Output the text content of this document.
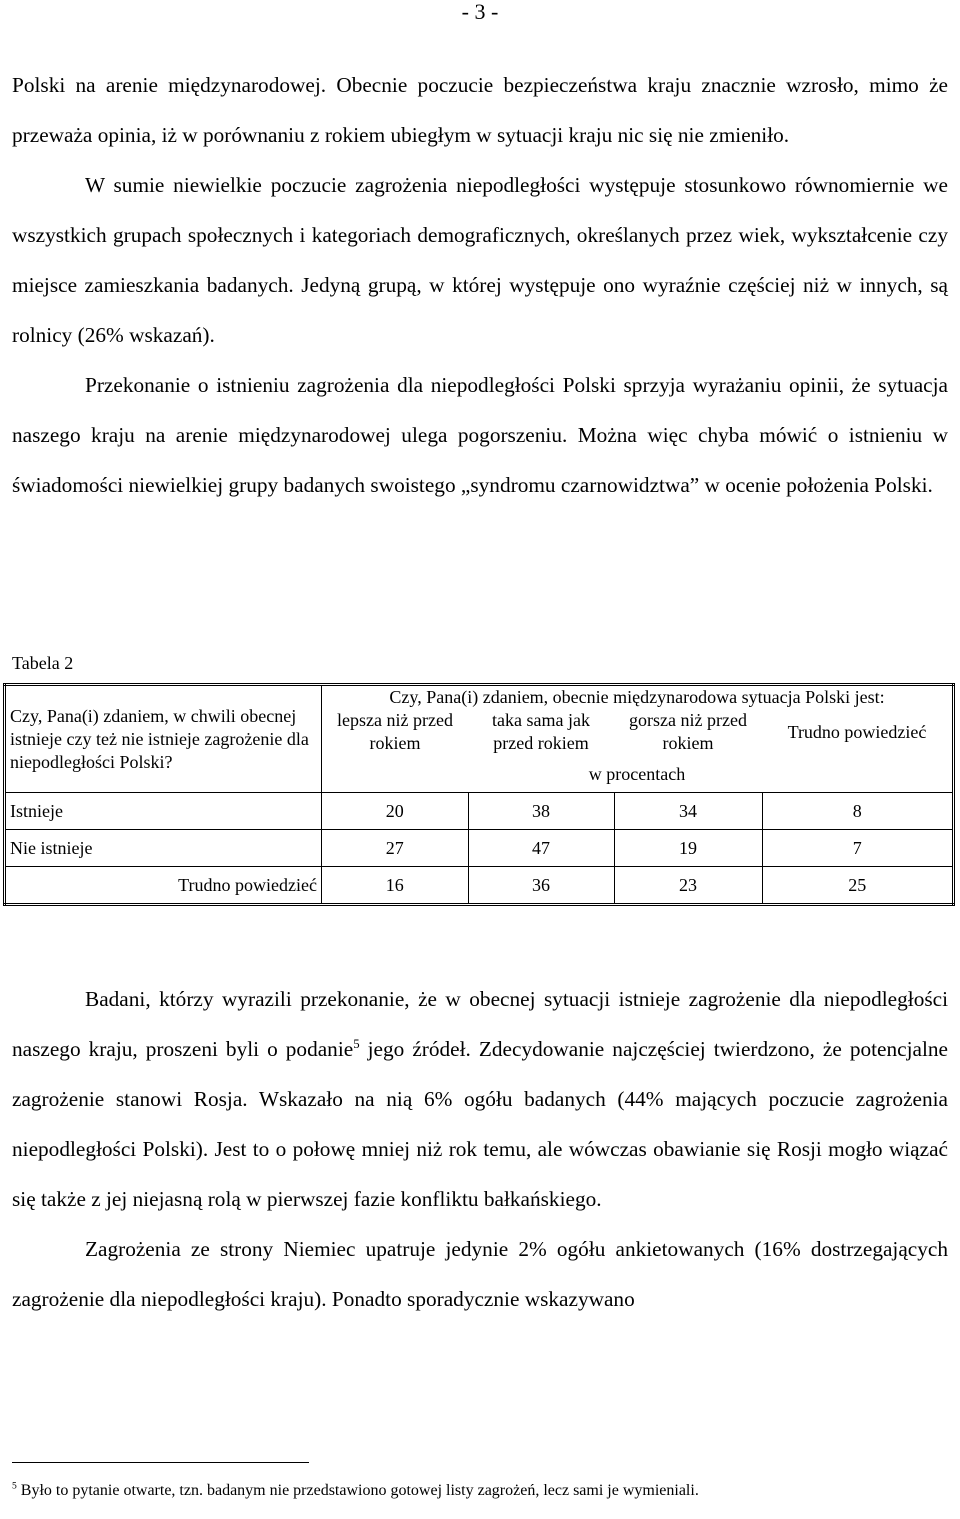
- 3 -

Polski na arenie międzynarodowej. Obecnie poczucie bezpieczeństwa kraju znacznie wzrosło, mimo że przeważa opinia, iż w porównaniu z rokiem ubiegłym w sytuacji kraju nic się nie zmieniło.

W sumie niewielkie poczucie zagrożenia niepodległości występuje stosunkowo równomiernie we wszystkich grupach społecznych i kategoriach demograficznych, określanych przez wiek, wykształcenie czy miejsce zamieszkania badanych. Jedyną grupą, w której występuje ono wyraźnie częściej niż w innych, są rolnicy (26% wskazań).

Przekonanie o istnieniu zagrożenia dla niepodległości Polski sprzyja wyrażaniu opinii, że sytuacja naszego kraju na arenie międzynarodowej ulega pogorszeniu. Można więc chyba mówić o istnieniu w świadomości niewielkiej grupy badanych swoistego „syndromu czarnowidztwa” w ocenie położenia Polski.

Tabela 2
Czy, Pana(i) zdaniem, w chwili obecnej istnieje czy też nie istnieje zagrożenie dla niepodległości Polski?	Czy, Pana(i) zdaniem, obecnie międzynarodowa sytuacja Polski jest:			
	lepsza niż przed rokiem	taka sama jak przed rokiem	gorsza niż przed rokiem	Trudno powiedzieć
	w procentach			
Istnieje	20	38	34	8
Nie istnieje	27	47	19	7
Trudno powiedzieć	16	36	23	25

Badani, którzy wyrazili przekonanie, że w obecnej sytuacji istnieje zagrożenie dla niepodległości naszego kraju, proszeni byli o podanie$^5$ jego źródeł. Zdecydowanie najczęściej twierdzono, że potencjalne zagrożenie stanowi Rosja. Wskazało na nią 6% ogółu badanych (44% mających poczucie zagrożenia niepodległości Polski). Jest to o połowę mniej niż rok temu, ale wówczas obawianie się Rosji mogło wiązać się także z jej niejasną rolą w pierwszej fazie konfliktu bałkańskiego.

Zagrożenia ze strony Niemiec upatruje jedynie 2% ogółu ankietowanych (16% dostrzegających zagrożenie dla niepodległości kraju). Ponadto sporadycznie wskazywano

$^5$ Było to pytanie otwarte, tzn. badanym nie przedstawiono gotowej listy zagrożeń, lecz sami je wymieniali.
